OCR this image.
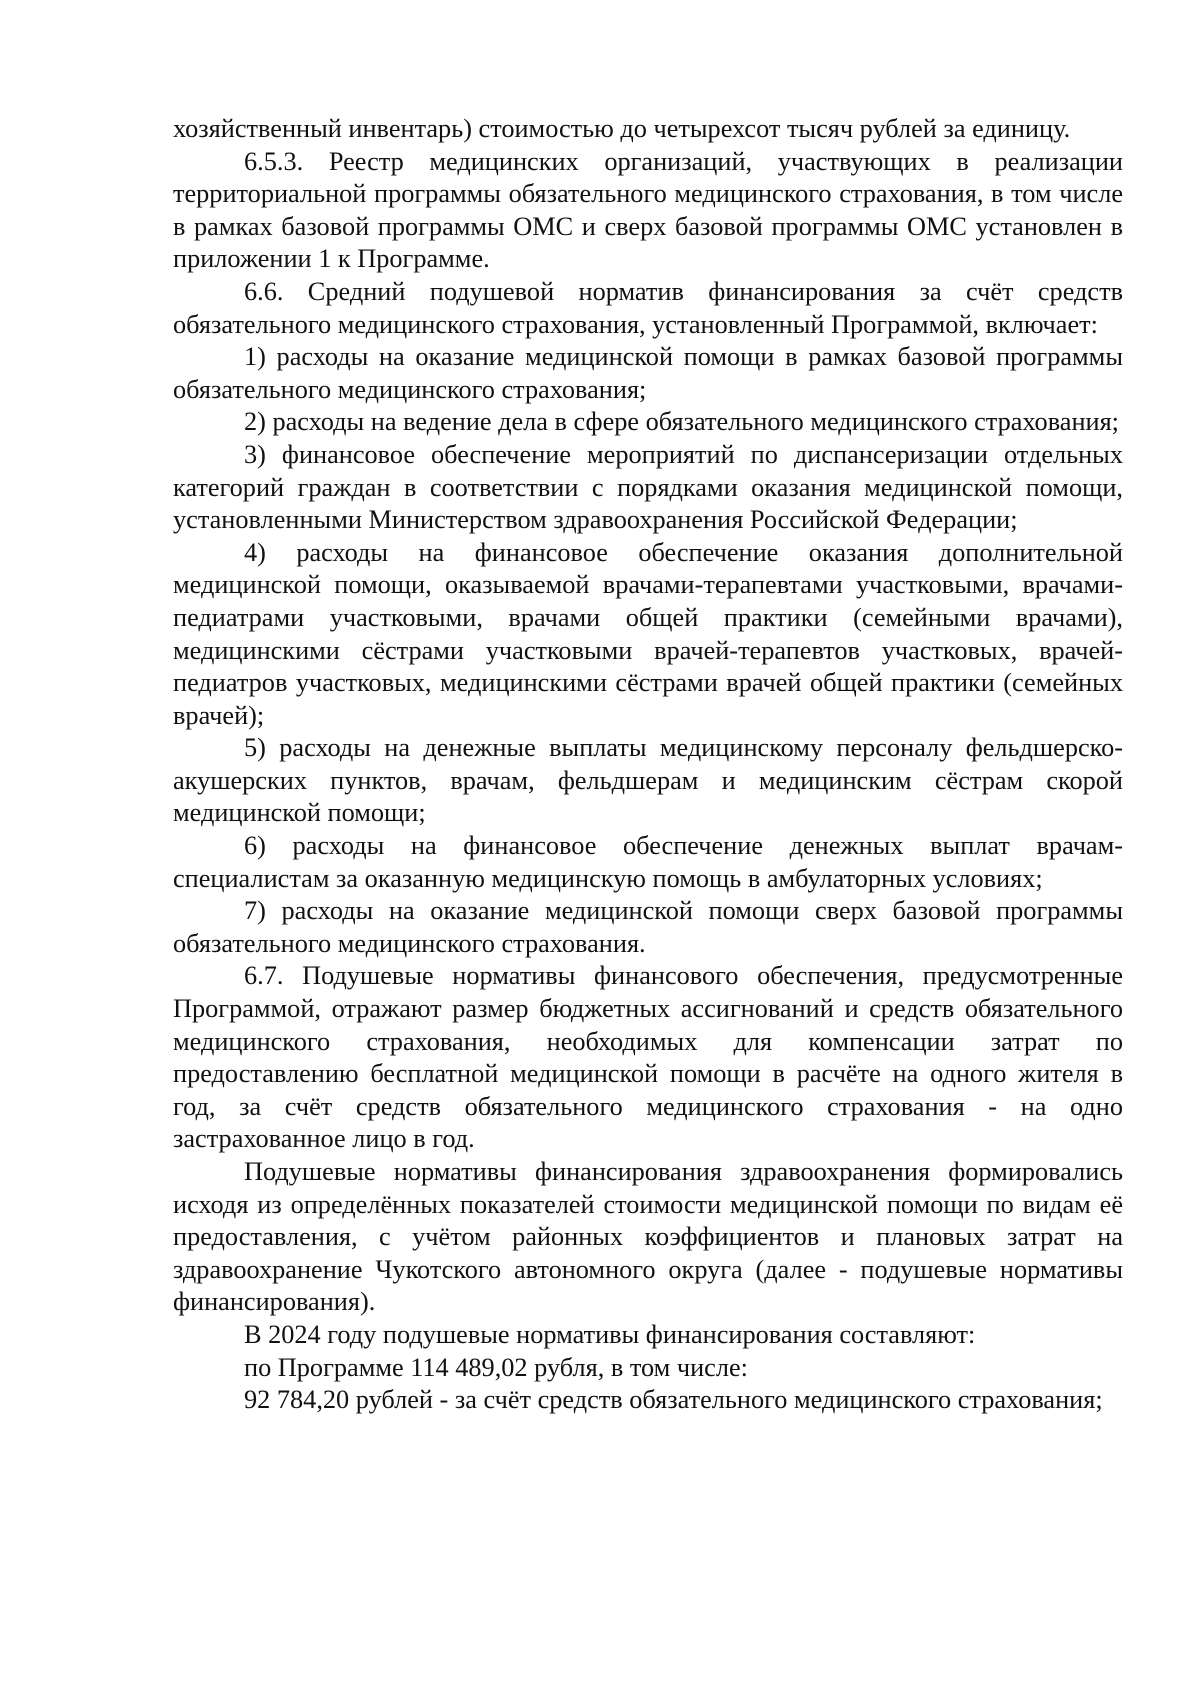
хозяйственный инвентарь) стоимостью до четырехсот тысяч рублей за единицу.

6.5.3. Реестр медицинских организаций, участвующих в реализации территориальной программы обязательного медицинского страхования, в том числе в рамках базовой программы ОМС и сверх базовой программы ОМС установлен в приложении 1 к Программе.

6.6. Средний подушевой норматив финансирования за счёт средств обязательного медицинского страхования, установленный Программой, включает:

1) расходы на оказание медицинской помощи в рамках базовой программы обязательного медицинского страхования;

2) расходы на ведение дела в сфере обязательного медицинского страхования;

3) финансовое обеспечение мероприятий по диспансеризации отдельных категорий граждан в соответствии с порядками оказания медицинской помощи, установленными Министерством здравоохранения Российской Федерации;

4) расходы на финансовое обеспечение оказания дополнительной медицинской помощи, оказываемой врачами-терапевтами участковыми, врачами-педиатрами участковыми, врачами общей практики (семейными врачами), медицинскими сёстрами участковыми врачей-терапевтов участковых, врачей-педиатров участковых, медицинскими сёстрами врачей общей практики (семейных врачей);

5) расходы на денежные выплаты медицинскому персоналу фельдшерско-акушерских пунктов, врачам, фельдшерам и медицинским сёстрам скорой медицинской помощи;

6) расходы на финансовое обеспечение денежных выплат врачам-специалистам за оказанную медицинскую помощь в амбулаторных условиях;

7) расходы на оказание медицинской помощи сверх базовой программы обязательного медицинского страхования.

6.7. Подушевые нормативы финансового обеспечения, предусмотренные Программой, отражают размер бюджетных ассигнований и средств обязательного медицинского страхования, необходимых для компенсации затрат по предоставлению бесплатной медицинской помощи в расчёте на одного жителя в год, за счёт средств обязательного медицинского страхования - на одно застрахованное лицо в год.

Подушевые нормативы финансирования здравоохранения формировались исходя из определённых показателей стоимости медицинской помощи по видам её предоставления, с учётом районных коэффициентов и плановых затрат на здравоохранение Чукотского автономного округа (далее - подушевые нормативы финансирования).

В 2024 году подушевые нормативы финансирования составляют:

по Программе 114 489,02 рубля, в том числе:

92 784,20 рублей - за счёт средств обязательного медицинского страхования;
